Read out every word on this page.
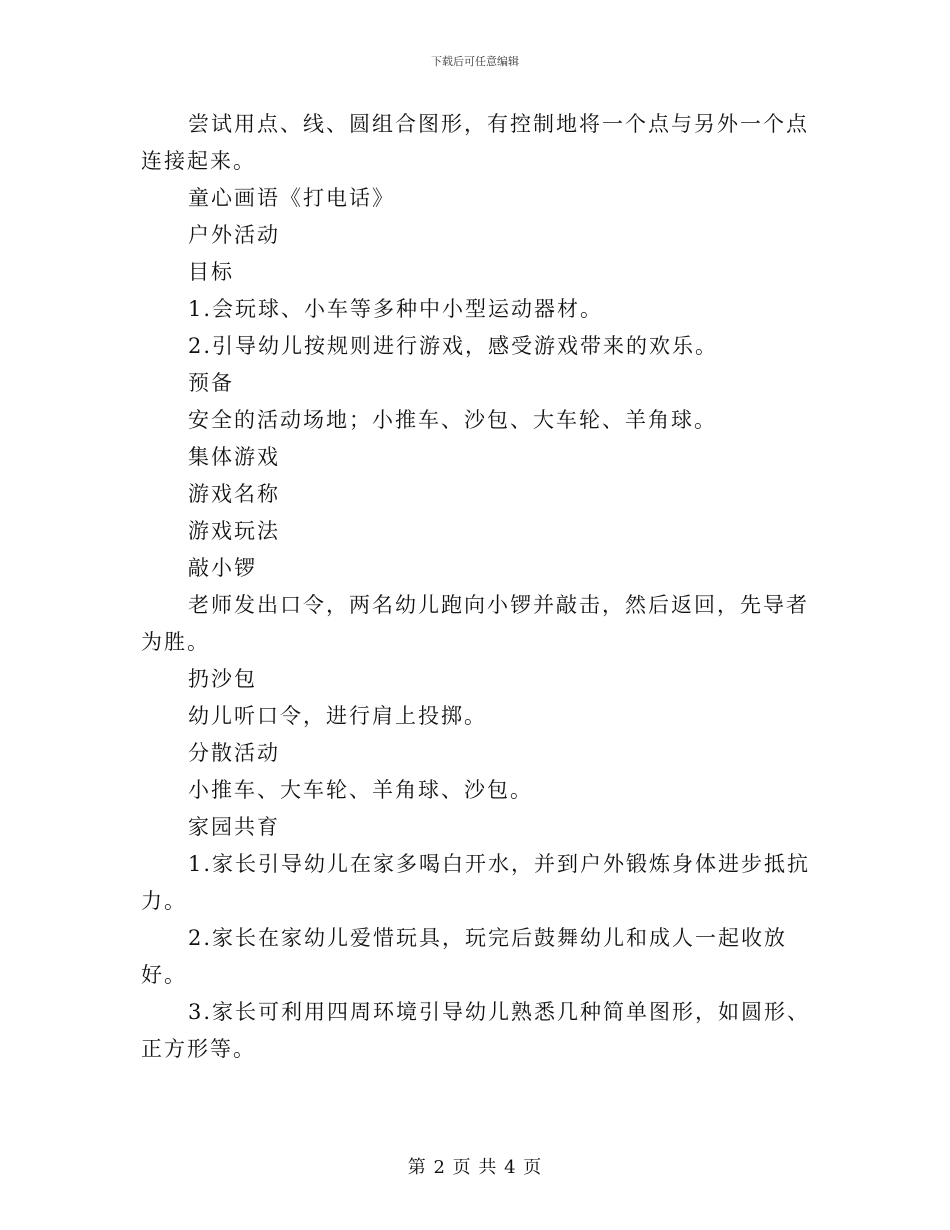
下载后可任意编辑

尝试用点、线、圆组合图形，有控制地将一个点与另外一个点连接起来。

童心画语《打电话》

户外活动

目标

1.会玩球、小车等多种中小型运动器材。

2.引导幼儿按规则进行游戏，感受游戏带来的欢乐。

预备

安全的活动场地；小推车、沙包、大车轮、羊角球。

集体游戏

游戏名称

游戏玩法

敲小锣

老师发出口令，两名幼儿跑向小锣并敲击，然后返回，先导者为胜。

扔沙包

幼儿听口令，进行肩上投掷。

分散活动

小推车、大车轮、羊角球、沙包。

家园共育

1.家长引导幼儿在家多喝白开水，并到户外锻炼身体进步抵抗力。

2.家长在家幼儿爱惜玩具，玩完后鼓舞幼儿和成人一起收放好。

3.家长可利用四周环境引导幼儿熟悉几种简单图形，如圆形、正方形等。

第 2 页 共 4 页
